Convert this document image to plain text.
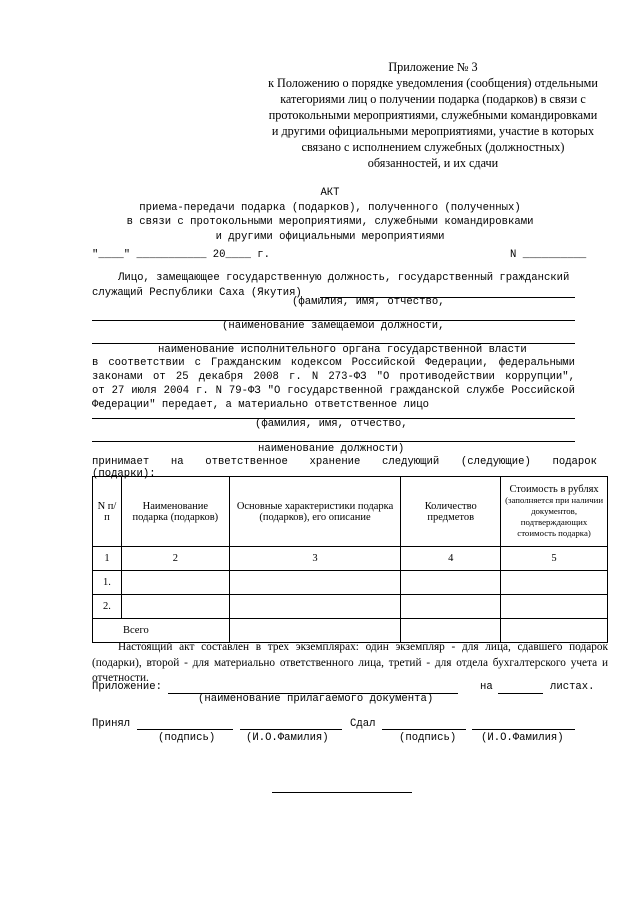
Приложение № 3
к Положению о порядке уведомления (сообщения) отдельными
категориями лиц о получении подарка (подарков) в связи с
протокольными мероприятиями, служебными командировками
и другими официальными мероприятиями, участие в которых
связано с исполнением служебных (должностных)
обязанностей, и их сдачи
АКТ
приема-передачи подарка (подарков), полученного (полученных)
в связи с протокольными мероприятиями, служебными командировками
и другими официальными мероприятиями
"____" ___________ 20____ г.	N __________
Лицо, замещающее государственную должность, государственный гражданский
служащий Республики Саха (Якутия)
(фамилия, имя, отчество,
(наименование замещаемой должности,
наименование исполнительного органа государственной власти
в соответствии с Гражданским кодексом Российской Федерации, федеральными
законами от 25 декабря 2008 г. N 273-ФЗ "О противодействии коррупции",
от 27 июля 2004 г. N 79-ФЗ "О государственной гражданской службе Российской
Федерации" передает, а материально ответственное лицо
(фамилия, имя, отчество,
наименование должности)
принимает на ответственное хранение следующий (следующие) подарок
(подарки):
N п/п	Наименование подарка (подарков)	Основные характеристики подарка (подарков), его описание	Количество предметов	Стоимость в рублях
(заполняется при наличии документов, подтверждающих стоимость подарка)

1	2	3	4	5
1.				
2.				
Всего				
Настоящий акт составлен в трех экземплярах: один экземпляр - для лица, сдавшего подарок (подарки), второй - для материально ответственного лица, третий - для отдела бухгалтерского учета и отчетности.
Приложение:	на	листах.
(наименование прилагаемого документа)
Принял	Сдал
(подпись)	(И.О.Фамилия)	(подпись) (И.О.Фамилия)
